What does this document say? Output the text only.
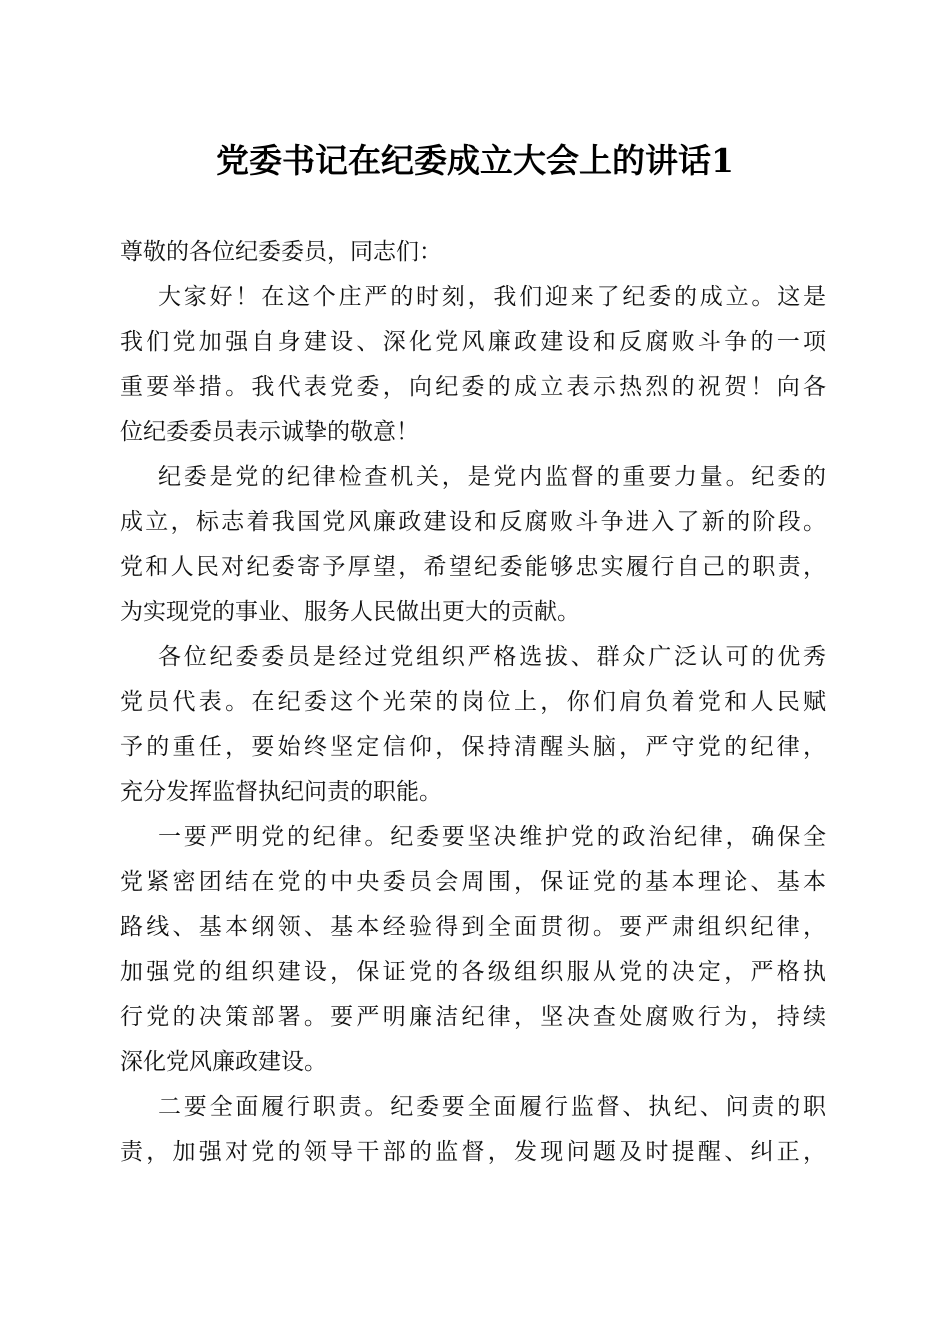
党委书记在纪委成立大会上的讲话1
尊敬的各位纪委委员，同志们：
大家好！在这个庄严的时刻，我们迎来了纪委的成立。这是
我们党加强自身建设、深化党风廉政建设和反腐败斗争的一项
重要举措。我代表党委，向纪委的成立表示热烈的祝贺！向各
位纪委委员表示诚挚的敬意！
纪委是党的纪律检查机关，是党内监督的重要力量。纪委的
成立，标志着我国党风廉政建设和反腐败斗争进入了新的阶段。
党和人民对纪委寄予厚望，希望纪委能够忠实履行自己的职责，
为实现党的事业、服务人民做出更大的贡献。
各位纪委委员是经过党组织严格选拔、群众广泛认可的优秀
党员代表。在纪委这个光荣的岗位上，你们肩负着党和人民赋
予的重任，要始终坚定信仰，保持清醒头脑，严守党的纪律，
充分发挥监督执纪问责的职能。
一要严明党的纪律。纪委要坚决维护党的政治纪律，确保全
党紧密团结在党的中央委员会周围，保证党的基本理论、基本
路线、基本纲领、基本经验得到全面贯彻。要严肃组织纪律，
加强党的组织建设，保证党的各级组织服从党的决定，严格执
行党的决策部署。要严明廉洁纪律，坚决查处腐败行为，持续
深化党风廉政建设。
二要全面履行职责。纪委要全面履行监督、执纪、问责的职
责，加强对党的领导干部的监督，发现问题及时提醒、纠正，
